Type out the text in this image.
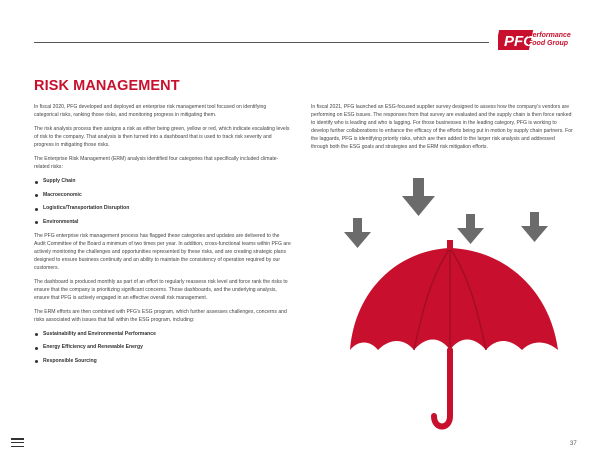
PFG
Performance
Food Group
RISK MANAGEMENT

In fiscal 2020, PFG developed and deployed an enterprise risk management tool focused on identifying categorical risks, ranking those risks, and monitoring progress in mitigating them.

The risk analysis process then assigns a risk as either being green, yellow or red, which indicate escalating levels of risk to the company. That analysis is then turned into a dashboard that is used to track risk severity and progress in mitigating those risks.

The Enterprise Risk Management (ERM) analysis identified four categories that specifically included climate-related risks:

Supply Chain
Macroeconomic
Logistics/Transportation Disruption
Environmental

The PFG enterprise risk management process has flagged these categories and updates are delivered to the Audit Committee of the Board a minimum of two times per year. In addition, cross-functional teams within PFG are actively monitoring the challenges and opportunities represented by these risks, and are creating strategic plans designed to ensure business continuity and an ability to maintain the consistency of operation required by our customers.

The dashboard is produced monthly as part of an effort to regularly reassess risk level and force rank the risks to ensure that the company is prioritizing significant concerns. Those dashboards, and the underlying analysis, ensure that PFG is actively engaged in an effective overall risk management.

The ERM efforts are then combined with PFG's ESG program, which further assesses challenges, concerns and risks associated with issues that fall within the ESG program, including:

Sustainability and Environmental Performance
Energy Efficiency and Renewable Energy
Responsible Sourcing

In fiscal 2021, PFG launched an ESG-focused supplier survey designed to assess how the company's vendors are performing on ESG issues. The responses from that survey are evaluated and the supply chain is then force ranked to identify who is leading and who is lagging. For those businesses in the leading category, PFG is working to develop further collaborations to enhance the efficacy of the efforts being put in motion by supply chain partners. For the laggards, PFG is identifying priority risks, which are then added to the larger risk analysis and addressed through both the ESG goals and strategies and the ERM risk mitigation efforts.

37
